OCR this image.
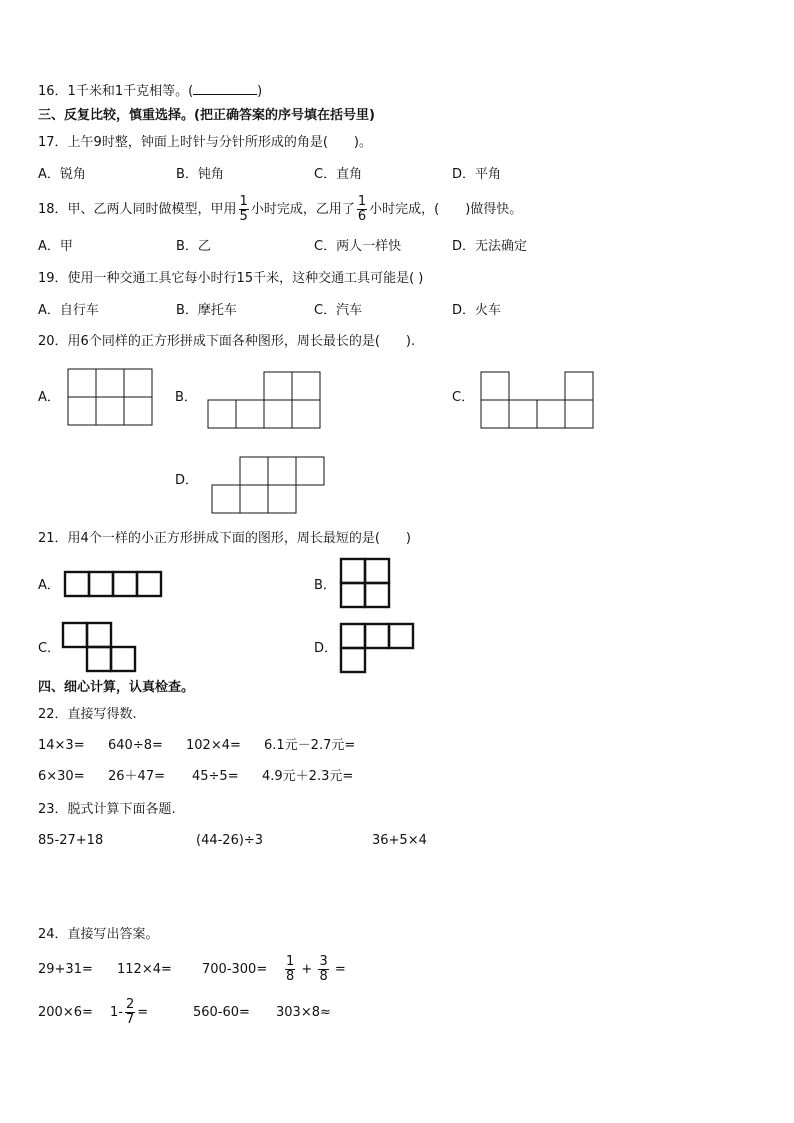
16．1千米和1千克相等。(	)
三、反复比较，慎重选择。(把正确答案的序号填在括号里)
17．上午9时整，钟面上时针与分针所形成的角是(　　)。
A．锐角	B．钝角	C．直角	D．平角
18．甲、乙两人同时做模型，甲用 $\frac{1}{5}$ 小时完成，乙用了 $\frac{1}{6}$ 小时完成，(　　)做得快。
A．甲	B．乙	C．两人一样快	D．无法确定
19．使用一种交通工具它每小时行15千米，这种交通工具可能是( )
A．自行车	B．摩托车	C．汽车	D．火车
20．用6个同样的正方形拼成下面各种图形，周长最长的是(　　).
A．	B．	C．
D．
21．用4个一样的小正方形拼成下面的图形，周长最短的是(　　)
A．	B．
C．	D．
四、细心计算，认真检查。
22．直接写得数.
14×3= 640÷8= 102×4= 6.1元－2.7元=
6×30= 26＋47= 45÷5= 4.9元＋2.3元=
23．脱式计算下面各题.
85-27+18	(44-26)÷3	36+5×4
24．直接写出答案。
$29+31= 112\times 4= 700-300= \frac{1}{8} + \frac{3}{8}$ =
$200\times 6= 1- \frac{2}{7}$ =	560-60= 303×8≈
